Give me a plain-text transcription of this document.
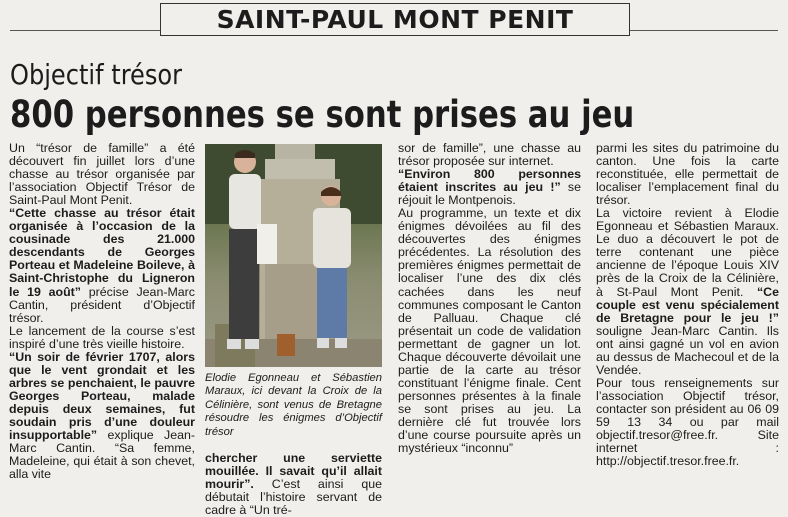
SAINT-PAUL MONT PENIT
Objectif trésor
800 personnes se sont prises au jeu

Un “trésor de famille” a été découvert fin juillet lors d’une chasse au trésor organisée par l’association Objectif Trésor de Saint-Paul Mont Penit.

“Cette chasse au trésor était organisée à l’occasion de la cousinade des 21.000 descendants de Georges Porteau et Madeleine Boileve, à Saint-Christophe du Ligneron le 19 août” précise Jean-Marc Cantin, président d’Objectif trésor.

Le lancement de la course s’est inspiré d’une très vieille histoire.

“Un soir de février 1707, alors que le vent grondait et les arbres se penchaient, le pauvre Georges Porteau, malade depuis deux semaines, fut soudain pris d’une douleur insupportable” explique Jean-Marc Cantin. “Sa femme, Madeleine, qui était à son chevet, alla vite

Elodie Egonneau et Sébastien Maraux, ici devant la Croix de la Célinière, sont venus de Bretagne résoudre les énigmes d’Objectif trésor

chercher une serviette mouillée. Il savait qu’il allait mourir”. C’est ainsi que débutait l’histoire servant de cadre à “Un tré-

sor de famille”, une chasse au trésor proposée sur internet.

“Environ 800 personnes étaient inscrites au jeu !” se réjouit le Montpenois.

Au programme, un texte et dix énigmes dévoilées au fil des découvertes des énigmes précédentes. La résolution des premières énigmes permettait de localiser l’une des dix clés cachées dans les neuf communes composant le Canton de Palluau. Chaque clé présentait un code de validation permettant de gagner un lot. Chaque découverte dévoilait une partie de la carte au trésor constituant l’énigme finale. Cent personnes présentes à la finale se sont prises au jeu. La dernière clé fut trouvée lors d’une course poursuite après un mystérieux “inconnu”

parmi les sites du patrimoine du canton. Une fois la carte reconstituée, elle permettait de localiser l’emplacement final du trésor.

La victoire revient à Elodie Egonneau et Sébastien Maraux. Le duo a découvert le pot de terre contenant une pièce ancienne de l’époque Louis XIV près de la Croix de la Célinière, à St-Paul Mont Penit. “Ce couple est venu spécialement de Bretagne pour le jeu !” souligne Jean-Marc Cantin. Ils ont ainsi gagné un vol en avion au dessus de Machecoul et de la Vendée.

Pour tous renseignements sur l’association Objectif trésor, contacter son président au 06 09 59 13 34 ou par mail objectif.tresor@free.fr. Site internet : http://objectif.tresor.free.fr.
